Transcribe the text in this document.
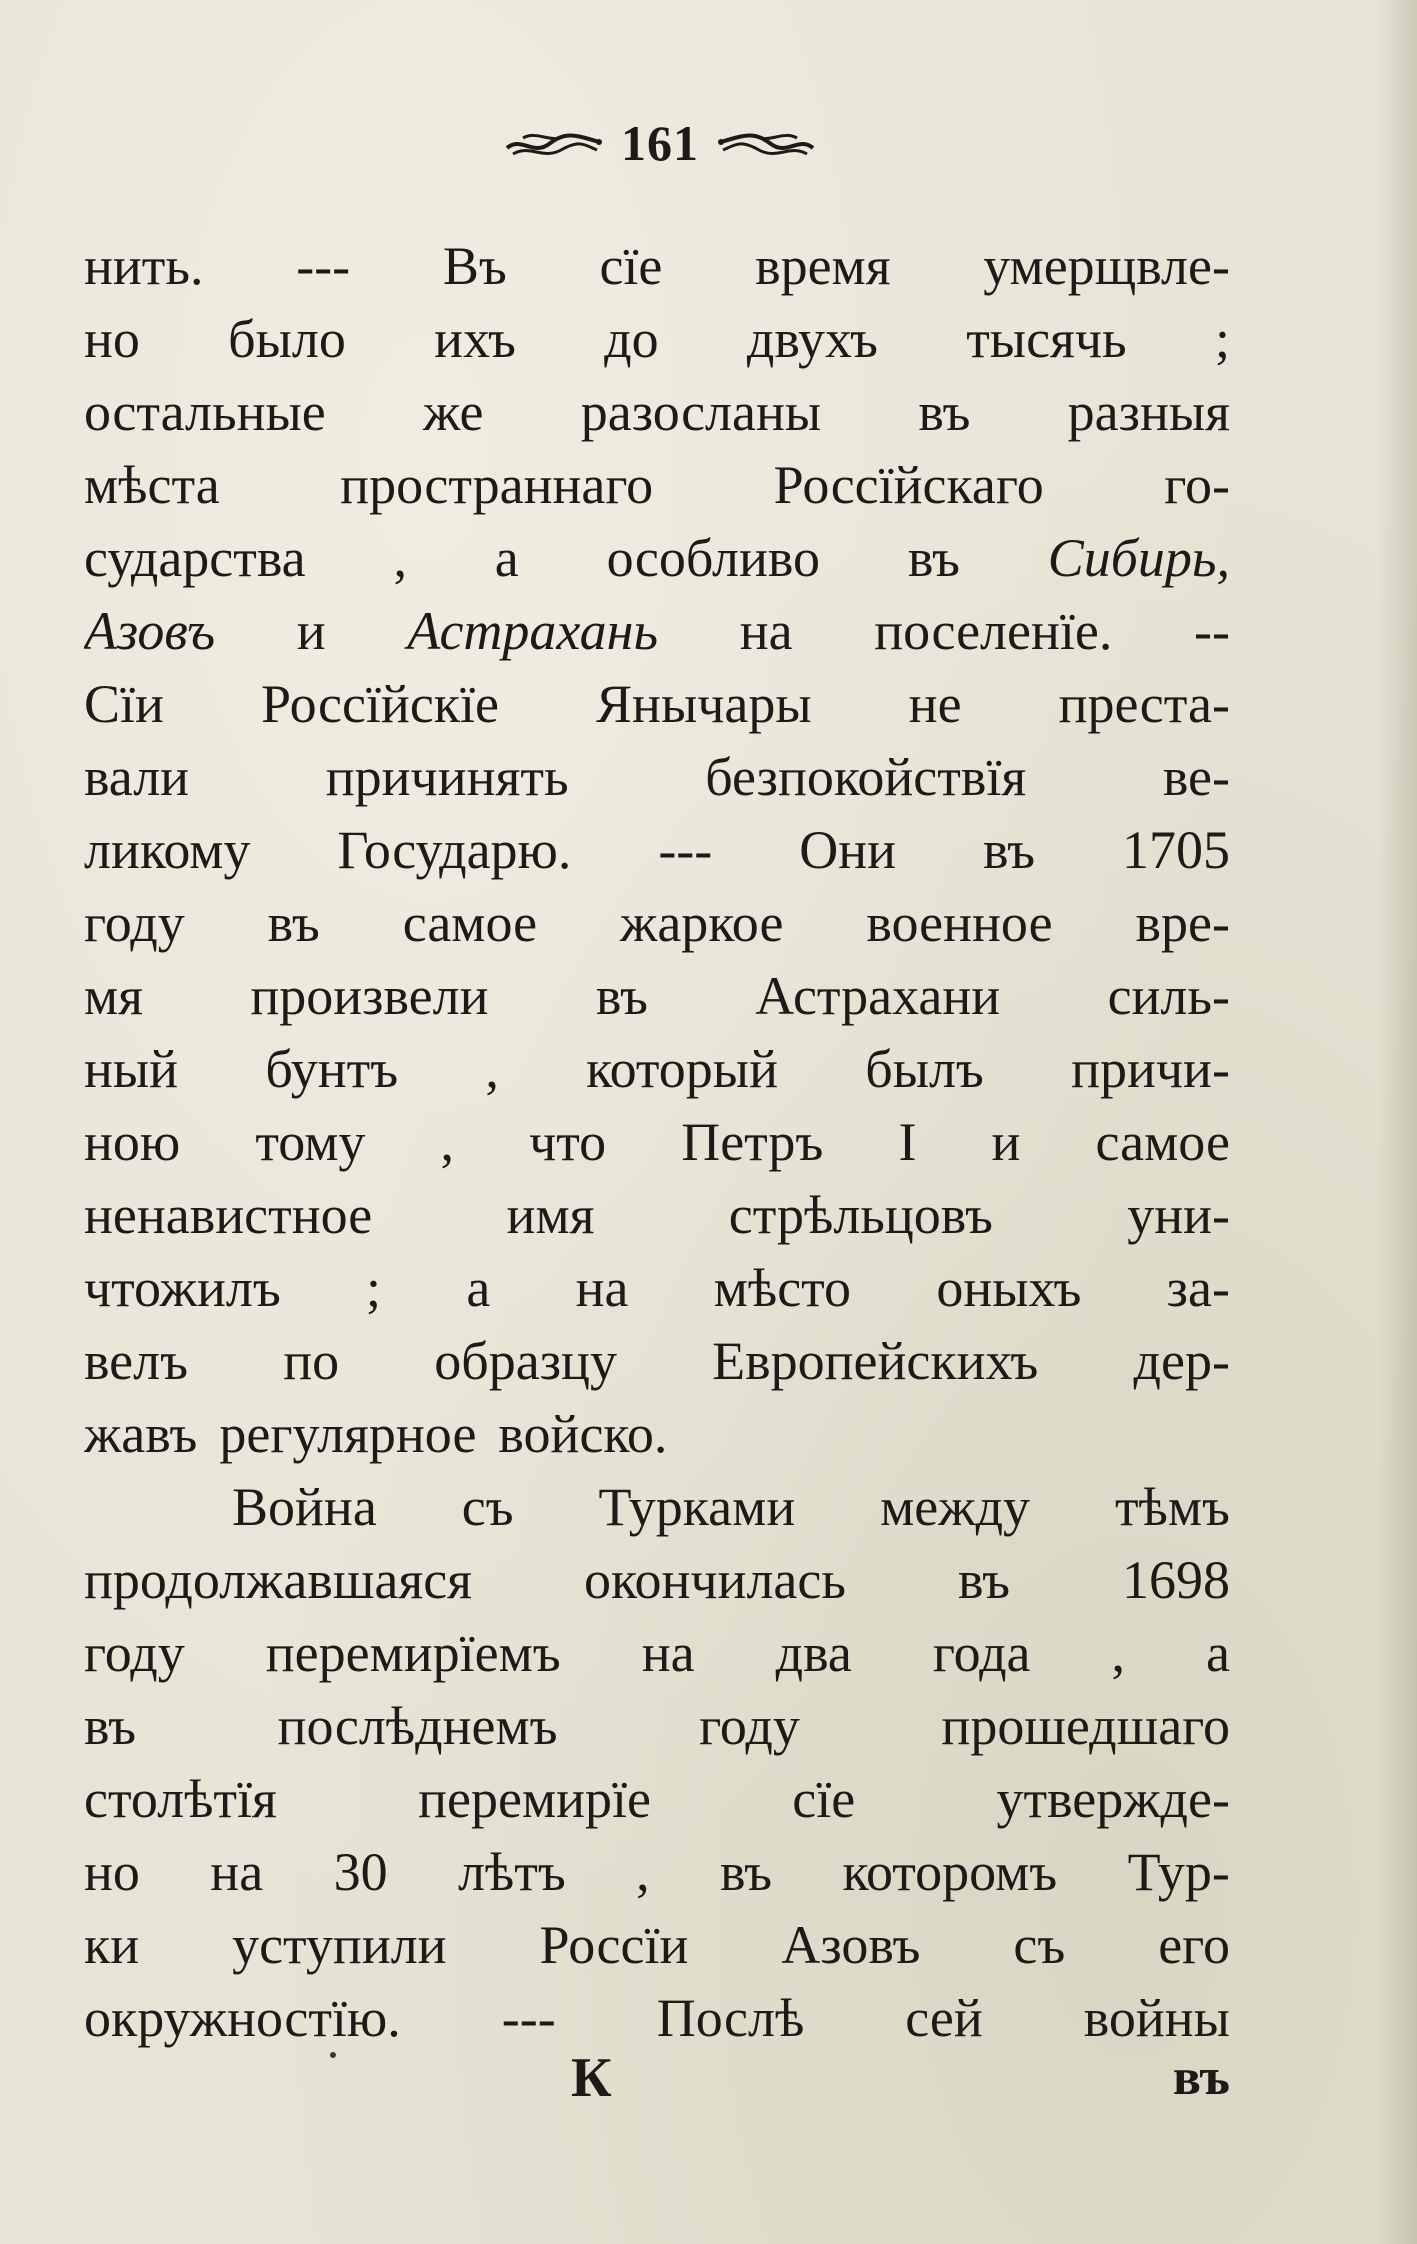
161
нить. --- Въ сїе время умерщвле-
но было ихъ до двухъ тысячь ;
остальные же разосланы въ разныя
мѣста пространнаго Россїйскаго го-
сударства , а особливо въ Сибирь,
Азовъ и Астрахань на поселенїе. --
Сїи Россїйскїе Янычары не преста-
вали	причинять	безпокойствїя	ве-
ликому Государю. --- Они въ 1705
году въ самое жаркое военное вре-
мя произвели въ Астрахани силь-
ный бунтъ , который былъ причи-
ною тому , что Петръ I и самое
ненавистное имя стрѣльцовъ уни-
чтожилъ ; а на мѣсто оныхъ за-
велъ по образцу Европейскихъ дер-
жавъ регулярное войско.
Война съ Турками между тѣмъ
продолжавшаяся окончилась въ 1698
году перемирїемъ на два года , а
въ	послѣднемъ	году	прошедшаго
столѣтїя	перемирїе	сїе	утвержде-
но на 30 лѣтъ , въ которомъ Тур-
ки уступили Россїи Азовъ съ его
окружностїю. --- Послѣ сей войны
К	въ
